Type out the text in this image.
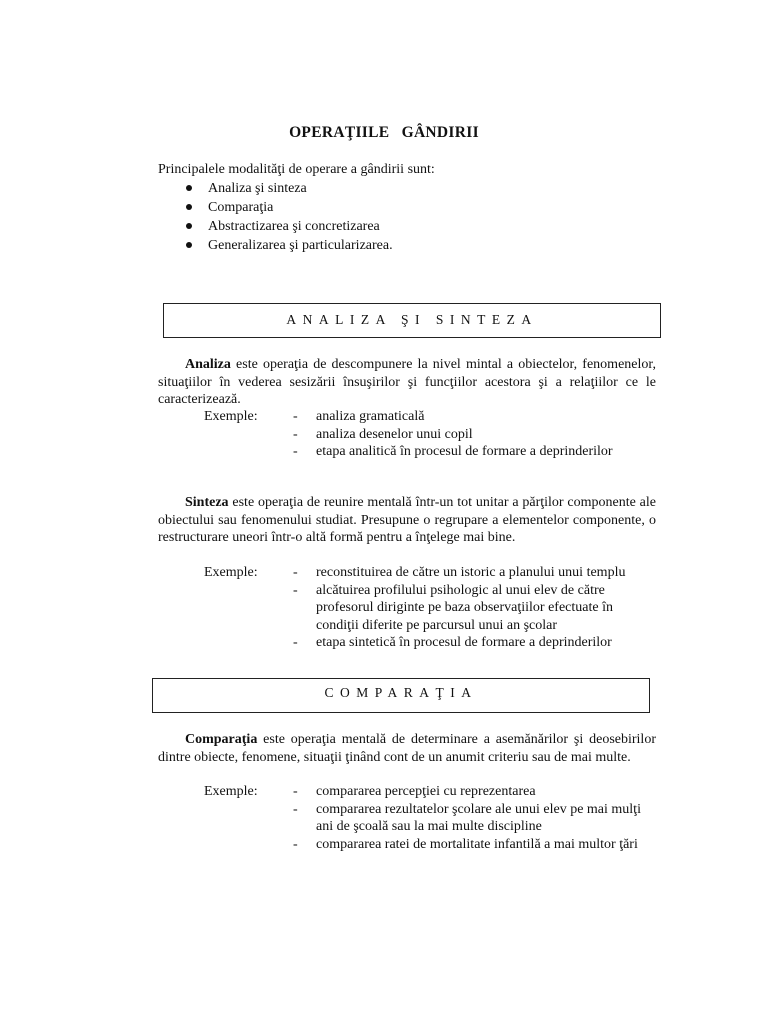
OPERAŢIILE GÂNDIRII
Principalele modalităţi de operare a gândirii sunt:
Analiza şi sinteza
Comparaţia
Abstractizarea şi concretizarea
Generalizarea şi particularizarea.
ANALIZA ŞI SINTEZA
Analiza este operaţia de descompunere la nivel mintal a obiectelor, fenomenelor, situaţiilor în vederea sesizării însuşirilor şi funcţiilor acestora şi a relaţiilor ce le caracterizează.
Exemple:	- analiza gramaticală
- analiza desenelor unui copil
- etapa analitică în procesul de formare a deprinderilor
Sinteza este operaţia de reunire mentală într-un tot unitar a părţilor componente ale obiectului sau fenomenului studiat. Presupune o regrupare a elementelor componente, o restructurare uneori într-o altă formă pentru a înţelege mai bine.
Exemple:	- reconstituirea de către un istoric a planului unui templu
- alcătuirea profilului psihologic al unui elev de către profesorul diriginte pe baza observaţiilor efectuate în condiţii diferite pe parcursul unui an şcolar
- etapa sintetică în procesul de formare a deprinderilor
COMPARAŢIA
Comparaţia este operaţia mentală de determinare a asemănărilor şi deosebirilor dintre obiecte, fenomene, situaţii ţinând cont de un anumit criteriu sau de mai multe.
Exemple:	- compararea percepţiei cu reprezentarea
- compararea rezultatelor şcolare ale unui elev pe mai mulţi ani de şcoală sau la mai multe discipline
- compararea ratei de mortalitate infantilă a mai multor ţări
